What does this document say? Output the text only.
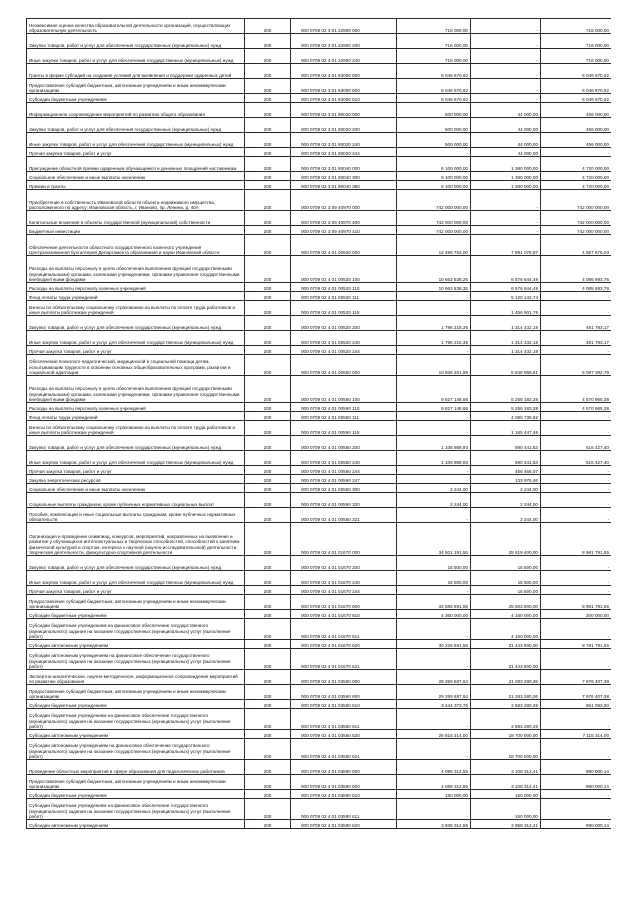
Независимая оценка качества образовательной деятельности организаций, осуществляющих образовательную деятельность	200	000 0709 02 3 01 22900 000	716 000,00	-	716 000,00
Закупка товаров, работ и услуг для обеспечения государственных (муниципальных) нужд	200	000 0709 02 3 01 22900 200	716 000,00	-	716 000,00
Иные закупки товаров, работ и услуг для обеспечения государственных (муниципальных) нужд	200	000 0709 02 3 01 22900 240	716 000,00	-	716 000,00
Гранты в форме субсидий на создание условий для выявления и поддержки одаренных детей	200	000 0709 02 3 01 63000 000	6 046 670,62	-	6 046 670,62
Предоставление субсидий бюджетным, автономным учреждениям и иным некоммерческим организациям	200	000 0709 02 3 01 63000 600	6 046 670,62	-	6 046 670,62
Субсидии бюджетным учреждениям	200	000 0709 02 3 01 63000 610	6 046 670,62	-	6 046 670,62
Информационное сопровождение мероприятий по развитию общего образования	200	000 0709 02 3 01 90020 000	500 000,00	44 000,00	456 000,00
Закупка товаров, работ и услуг для обеспечения государственных (муниципальных) нужд	200	000 0709 02 3 01 90020 200	500 000,00	44 000,00	456 000,00
Иные закупки товаров, работ и услуг для обеспечения государственных (муниципальных) нужд	200	000 0709 02 3 01 90020 240	500 000,00	44 000,00	456 000,00
Прочая закупка товаров, работ и услуг	200	000 0709 02 3 01 90020 244	-	44 000,00	-
Присуждение областной премии одаренным обучающимся и денежных поощрений наставникам	200	000 0709 02 3 01 90040 000	6 100 000,00	1 380 000,00	4 720 000,00
Социальное обеспечение и иные выплаты населению	200	000 0709 02 3 01 90040 300	6 100 000,00	1 380 000,00	4 720 000,00
Премии и гранты	200	000 0709 02 3 01 90040 350	6 100 000,00	1 380 000,00	4 720 000,00
Приобретение в собственность Ивановской области объекта недвижимого имущества, расположенного по адресу: Ивановская область, г. Иваново, пр. Ленина, д. 40А	200	000 0709 02 3 09 40970 000	742 000 000,00	-	742 000 000,00
Капитальные вложения в объекты государственной (муниципальной) собственности	200	000 0709 02 3 09 40970 400	742 000 000,00	-	742 000 000,00
Бюджетные инвестиции	200	000 0709 02 3 09 40970 410	742 000 000,00	-	742 000 000,00
Обеспечение деятельности областного государственного казенного учреждения Централизованная бухгалтерия Департамента образования и науки Ивановской области	200	000 0709 02 4 01 00520 000	12 456 753,00	7 891 076,97	4 567 676,03
Расходы на выплаты персоналу в целях обеспечения выполнения функций государственными (муниципальными) органами, казенными учреждениями, органами управления государственными внебюджетными фондами	200	000 0709 02 4 01 00520 100	10 662 538,25	6 576 644,49	4 085 893,76
Расходы на выплаты персоналу казенных учреждений	200	000 0709 02 4 01 00520 110	10 662 538,25	6 576 644,49	4 085 893,76
Фонд оплаты труда учреждений	200	000 0709 02 4 01 00520 111	-	5 120 142,74	-
Взносы по обязательному социальному страхованию на выплаты по оплате труда работников и иные выплаты работникам учреждений	200	000 0709 02 4 01 00520 119	-	1 456 501,75	-
Закупка товаров, работ и услуг для обеспечения государственных (муниципальных) нужд	200	000 0709 02 4 01 00520 200	1 796 215,35	1 314 432,18	481 783,17
Иные закупки товаров, работ и услуг для обеспечения государственных (муниципальных) нужд	200	000 0709 02 4 01 00520 240	1 796 215,35	1 314 432,18	481 783,17
Прочая закупка товаров, работ и услуг	200	000 0709 02 4 01 00520 244	-	1 314 432,18	-
Обеспечение психолого-педагогической, медицинской и социальной помощи детям, испытывающим трудности в освоении основных общеобразовательных программ, развитии и социальной адаптации	200	000 0709 02 4 01 00550 000	10 936 261,59	5 848 868,81	5 087 392,78
Расходы на выплаты персоналу в целях обеспечения выполнения функций государственными (муниципальными) органами, казенными учреждениями, органами управления государственными внебюджетными фондами	200	000 0709 02 4 01 00550 100	9 827 148,66	5 256 183,28	4 570 965,38
Расходы на выплаты персоналу казенных учреждений	200	000 0709 02 4 01 00550 110	9 827 148,66	5 256 183,28	4 570 965,38
Фонд оплаты труда учреждений	200	000 0709 02 4 01 00550 111	-	4 090 736,82	-
Взносы по обязательному социальному страхованию на выплаты по оплате труда работников и иные выплаты работникам учреждений	200	000 0709 02 4 01 00550 119	-	1 165 447,46	-
Закупка товаров, работ и услуг для обеспечения государственных (муниципальных) нужд	200	000 0709 02 4 01 00550 200	1 106 868,93	590 441,53	516 427,40
Иные закупки товаров, работ и услуг для обеспечения государственных (муниципальных) нужд	200	000 0709 02 4 01 00550 240	1 106 868,93	590 441,53	516 427,40
Прочая закупка товаров, работ и услуг	200	000 0709 02 4 01 00550 244	-	456 466,07	-
Закупка энергетических ресурсов	200	000 0709 02 4 01 00550 247	-	133 975,46	-
Социальное обеспечение и иные выплаты населению	200	000 0709 02 4 01 00550 300	2 244,00	2 244,00	-
Социальные выплаты гражданам, кроме публичных нормативных социальных выплат	200	000 0709 02 4 01 00550 320	2 244,00	2 244,00	-
Пособия, компенсации и иные социальные выплаты гражданам, кроме публичных нормативных обязательств	200	000 0709 02 4 01 00550 321	-	2 244,00	-
Организация и проведение олимпиад, конкурсов, мероприятий, направленных на выявление и развитие у обучающихся интеллектуальных и творческих способностей, способностей к занятиям физической культурой и спортом, интереса к научной (научно-исследовательской) деятельности, творческой деятельности, физкультурно-спортивной деятельности	200	000 0709 02 4 01 01670 000	34 601 191,55	25 619 400,00	8 981 791,55
Закупка товаров, работ и услуг для обеспечения государственных (муниципальных) нужд	200	000 0709 02 4 01 01670 200	15 500,00	15 500,00	-
Иные закупки товаров, работ и услуг для обеспечения государственных (муниципальных) нужд	200	000 0709 02 4 01 01670 240	15 500,00	15 500,00	-
Прочая закупка товаров, работ и услуг	200	000 0709 02 4 01 01670 244	-	15 500,00	-
Предоставление субсидий бюджетным, автономным учреждениям и иным некоммерческим организациям	200	000 0709 02 4 01 01670 600	34 585 691,55	25 603 900,00	8 981 791,55
Субсидии бюджетным учреждениям	200	000 0709 02 4 01 01670 610	4 360 000,00	4 160 000,00	200 000,00
Субсидии бюджетным учреждениям на финансовое обеспечение государственного (муниципального) задания на оказание государственных (муниципальных) услуг (выполнение работ)	200	000 0709 02 4 01 01670 611	-	4 160 000,00	-
Субсидии автономным учреждениям	200	000 0709 02 4 01 01670 620	30 225 691,55	21 443 900,00	8 781 791,55
Субсидии автономным учреждениям на финансовое обеспечение государственного (муниципального) задания на оказание государственных (муниципальных) услуг (выполнение работ)	200	000 0709 02 4 01 01670 621	-	21 443 900,00	-
Экспертно-аналитическое, научно-методическое, информационное сопровождение мероприятий по развитию образования	200	000 0709 02 4 01 03560 000	29 259 687,64	21 283 280,26	7 976 407,38
Предоставление субсидий бюджетным, автономным учреждениям и иным некоммерческим организациям	200	000 0709 02 4 01 03560 600	29 259 687,64	21 283 280,26	7 976 407,38
Субсидии бюджетным учреждениям	200	000 0709 02 4 01 03560 610	3 444 373,76	2 583 280,26	861 093,50
Субсидии бюджетным учреждениям на финансовое обеспечение государственного (муниципального) задания на оказание государственных (муниципальных) услуг (выполнение работ)	200	000 0709 02 4 01 03560 611	-	2 583 280,26	-
Субсидии автономным учреждениям	200	000 0709 02 4 01 03560 620	25 815 314,00	18 700 000,00	7 115 314,00
Субсидии автономным учреждениям на финансовое обеспечение государственного (муниципального) задания на оказание государственных (муниципальных) услуг (выполнение работ)	200	000 0709 02 4 01 03560 621	-	18 700 000,00	-
Проведение областных мероприятий в сфере образования для педагогических работников	200	000 0709 02 4 01 03590 000	4 088 312,55	3 108 312,41	980 000,14
Предоставление субсидий бюджетным, автономным учреждениям и иным некоммерческим организациям	200	000 0709 02 4 01 03590 600	4 088 312,55	3 108 312,41	980 000,14
Субсидии бюджетным учреждениям	200	000 0709 02 4 01 03590 610	150 000,00	150 000,00	-
Субсидии бюджетным учреждениям на финансовое обеспечение государственного (муниципального) задания на оказание государственных (муниципальных) услуг (выполнение работ)	200	000 0709 02 4 01 03590 611	-	150 000,00	-
Субсидии автономным учреждениям	200	000 0709 02 4 01 03590 620	3 938 312,55	2 958 312,41	980 000,14
